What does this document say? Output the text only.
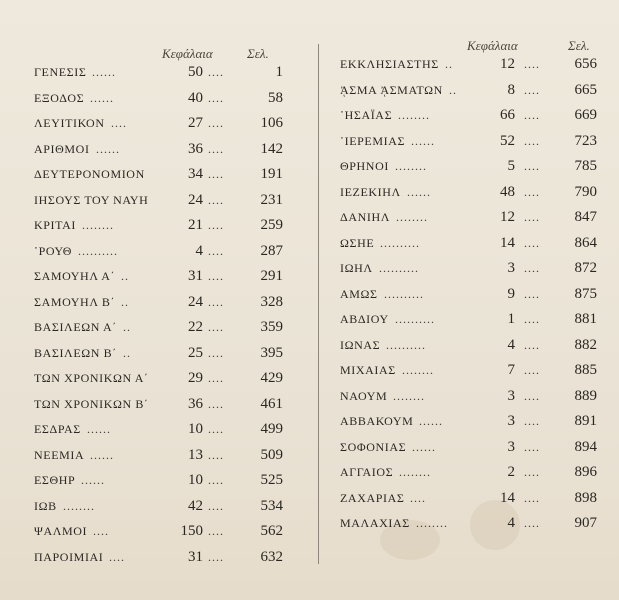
Κεφάλαια	Σελ.
Κεφάλαια	Σελ.
ΓΕΝΕΣΙΣ ......	50 ....	1
ΕΞΟΔΟΣ ......	40 ....	58
ΛΕΥΙΤΙΚΟΝ ....	27 ....	106
ΑΡΙΘΜΟΙ ......	36 ....	142
ΔΕΥΤΕΡΟΝΟΜΙΟΝ	34 ....	191
ΙΗΣΟΥΣ ΤΟΥ ΝΑΥΗ	24 ....	231
ΚΡΙΤΑΙ ........	21 ....	259
῾ΡΟΥΘ ..........	4 ....	287
ΣΑΜΟΥΗΛ Α΄ ..	31 ....	291
ΣΑΜΟΥΗΛ Β΄ ..	24 ....	328
ΒΑΣΙΛΕΩΝ Α΄ ..	22 ....	359
ΒΑΣΙΛΕΩΝ Β΄ ..	25 ....	395
ΤΩΝ ΧΡΟΝΙΚΩΝ Α΄	29 ....	429
ΤΩΝ ΧΡΟΝΙΚΩΝ Β΄	36 ....	461
ΕΣΔΡΑΣ ......	10 ....	499
ΝΕΕΜΙΑ ......	13 ....	509
ΕΣΘΗΡ ......	10 ....	525
ΙΩΒ ........	42 ....	534
ΨΑΛΜΟΙ ....	150 ....	562
ΠΑΡΟΙΜΙΑΙ ....	31 ....	632
ΕΚΚΛΗΣΙΑΣΤΗΣ ..	12 ....	656
ᾈΣΜΑ ᾈΣΜΑΤΩΝ ..	8 ....	665
῾ΗΣΑΪΑΣ ........	66 ....	669
῾ΙΕΡΕΜΙΑΣ ......	52 ....	723
ΘΡΗΝΟΙ ........	5 ....	785
ΙΕΖΕΚΙΗΛ ......	48 ....	790
ΔΑΝΙΗΛ ........	12 ....	847
ΩΣΗΕ ..........	14 ....	864
ΙΩΗΛ ..........	3 ....	872
ΑΜΩΣ ..........	9 ....	875
ΑΒΔΙΟΥ ..........	1 ....	881
ΙΩΝΑΣ ..........	4 ....	882
ΜΙΧΑΙΑΣ ........	7 ....	885
ΝΑΟΥΜ ........	3 ....	889
ΑΒΒΑΚΟΥΜ ......	3 ....	891
ΣΟΦΟΝΙΑΣ ......	3 ....	894
ΑΓΓΑΙΟΣ ........	2 ....	896
ΖΑΧΑΡΙΑΣ ....	14 ....	898
ΜΑΛΑΧΙΑΣ ........	4 ....	907
